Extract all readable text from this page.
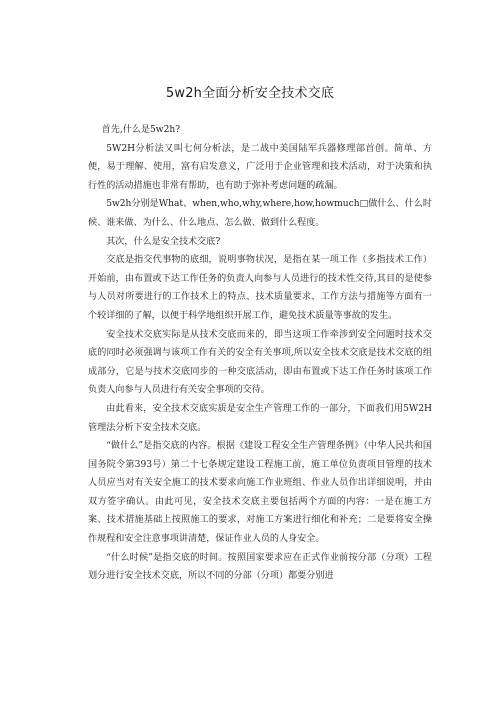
5w2h全面分析安全技术交底

首先,什么是5w2h?

5W2H分析法又叫七何分析法，是二战中美国陆军兵器修理部首创。简单、方便，易于理解、使用，富有启发意义，广泛用于企业管理和技术活动，对于决策和执行性的活动措施也非常有帮助，也有助于弥补考虑问题的疏漏。

5w2h分别是What、when,who,why,where,how,howmuch□做什么、什么时候、谁来做、为什么、什么地点、怎么做、做到什么程度。

其次，什么是安全技术交底?

交底是指交代事物的底细，说明事物状况，是指在某一项工作（多指技术工作）开始前，由布置或下达工作任务的负责人向参与人员进行的技术性交待,其目的是使参与人员对所要进行的工作技术上的特点、技术质量要求、工作方法与措施等方面有一个较详细的了解，以便于科学地组织开展工作，避免技术质量等事故的发生。

安全技术交底实际是从技术交底而来的，即当这项工作牵涉到安全问题时技术交底的同时必须强调与该项工作有关的安全有关事项,所以安全技术交底是技术交底的组成部分，它是与技术交底同步的一种交底活动，即由布置或下达工作任务时该项工作负责人向参与人员进行有关安全事项的交待。

由此看来，安全技术交底实质是安全生产管理工作的一部分，下面我们用5W2H管理法分析下安全技术交底。

“做什么”是指交底的内容。根据《建设工程安全生产管理条例》（中华人民共和国国务院令第393号）第二十七条规定建设工程施工前，施工单位负责项目管理的技术人员应当对有关安全施工的技术要求向施工作业班组、作业人员作出详细说明，并由双方签字确认。由此可见，安全技术交底主要包括两个方面的内容：一是在施工方案、技术措施基础上按照施工的要求，对施工方案进行细化和补充；二是要将安全操作规程和安全注意事项讲清楚，保证作业人员的人身安全。

“什么时候”是指交底的时间。按照国家要求应在正式作业前按分部（分项）工程划分进行安全技术交底，所以不同的分部（分项）都要分别进
